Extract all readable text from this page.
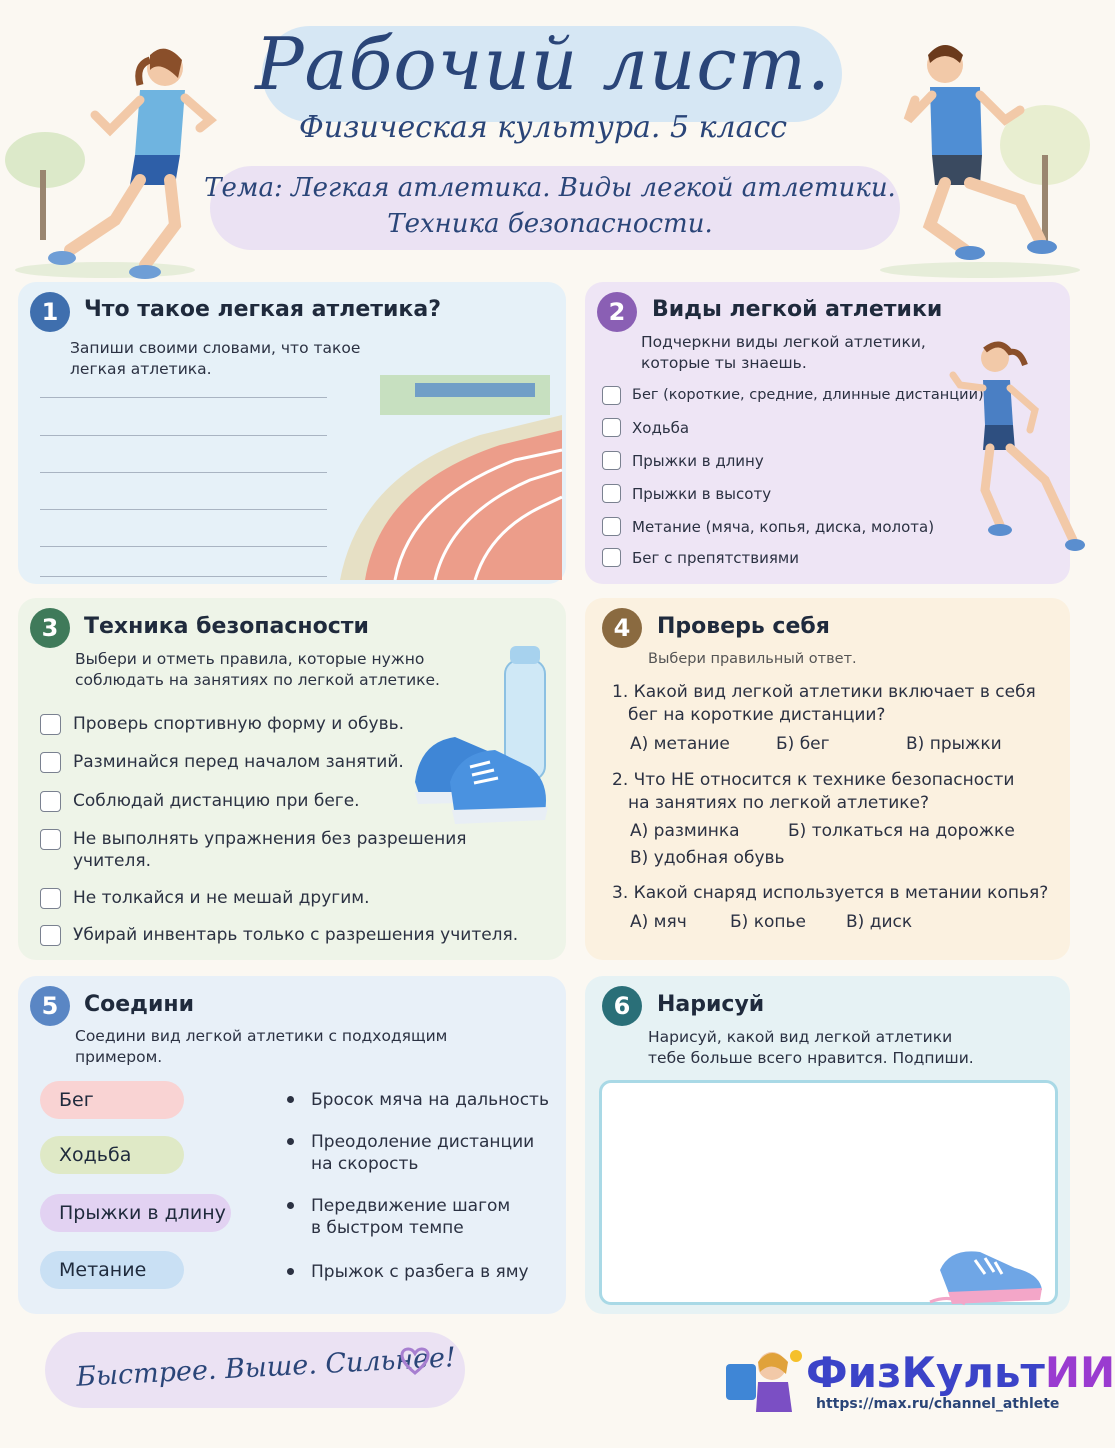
Рабочий лист.
Физическая культура. 5 класс
Тема: Легкая атлетика. Виды легкой атлетики.
Техника безопасности.
1	Что такое легкая атлетика?
Запиши своими словами, что такое
легкая атлетика.
2	Виды легкой атлетики
Подчеркни виды легкой атлетики,
которые ты знаешь.
Бег (короткие, средние, длинные дистанции)
Ходьба
Прыжки в длину
Прыжки в высоту
Метание (мяча, копья, диска, молота)
Бег с препятствиями
3	Техника безопасности
Выбери и отметь правила, которые нужно
соблюдать на занятиях по легкой атлетике.
Проверь спортивную форму и обувь.
Разминайся перед началом занятий.
Соблюдай дистанцию при беге.
Не выполнять упражнения без разрешения
учителя.
Не толкайся и не мешай другим.
Убирай инвентарь только с разрешения учителя.
4	Проверь себя
Выбери правильный ответ.
1. Какой вид легкой атлетики включает в себя
бег на короткие дистанции?
А) метание	Б) бег	В) прыжки
2. Что НЕ относится к технике безопасности
на занятиях по легкой атлетике?
А) разминка	Б) толкаться на дорожке
В) удобная обувь
3. Какой снаряд используется в метании копья?
А) мяч	Б) копье В) диск
5	Соедини
Соедини вид легкой атлетики с подходящим
примером.
Бег
Ходьба
Прыжки в длину
Метание
Бросок мяча на дальность
Преодоление дистанции
на скорость
Передвижение шагом
в быстром темпе
Прыжок с разбега в яму
6	Нарисуй
Нарисуй, какой вид легкой атлетики
тебе больше всего нравится. Подпиши.
Быстрее. Выше. Сильнее!	ФизКультИИ
https://max.ru/channel_athlete
